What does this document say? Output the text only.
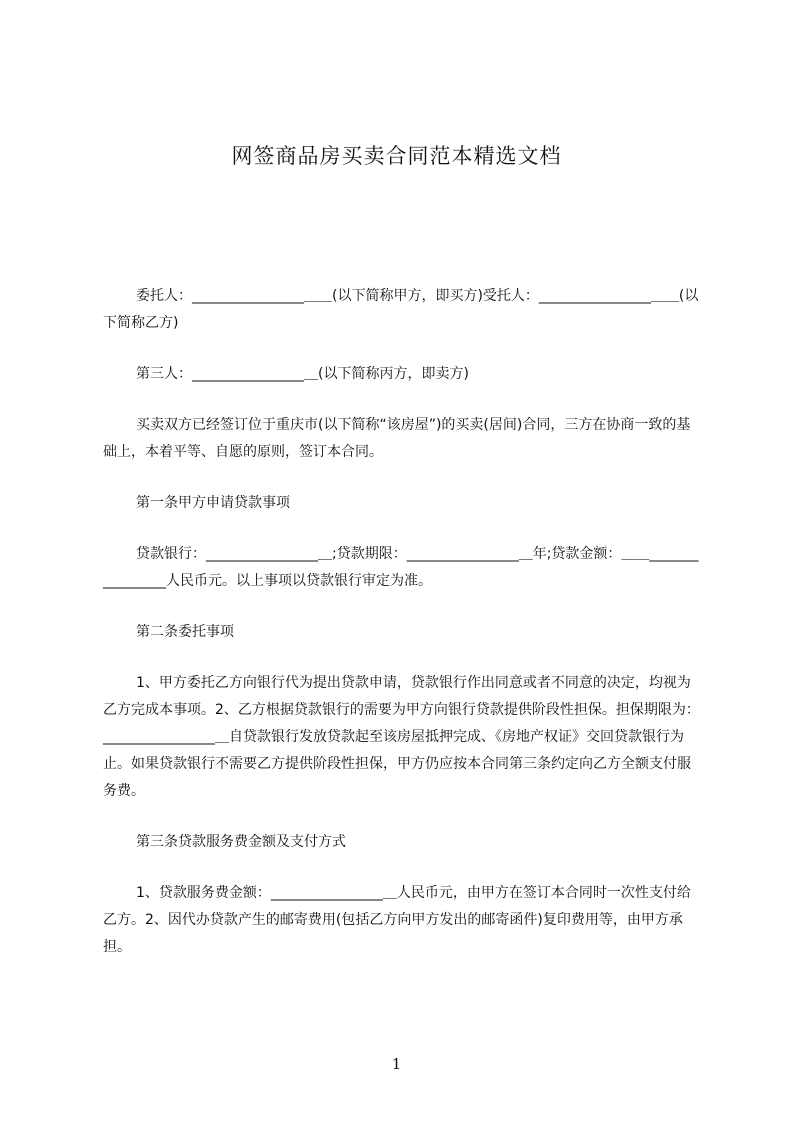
网签商品房买卖合同范本精选文档

委托人：________________＿＿(以下简称甲方，即买方)受托人：________________＿＿(以下简称乙方)

第三人：________________＿(以下简称丙方，即卖方)

买卖双方已经签订位于重庆市(以下简称“该房屋”)的买卖(居间)合同，三方在协商一致的基础上，本着平等、自愿的原则，签订本合同。

第一条甲方申请贷款事项

贷款银行：________________＿;贷款期限：________________＿年;贷款金额：＿＿________________人民币元。以上事项以贷款银行审定为准。

第二条委托事项

1、甲方委托乙方向银行代为提出贷款申请，贷款银行作出同意或者不同意的决定，均视为乙方完成本事项。2、乙方根据贷款银行的需要为甲方向银行贷款提供阶段性担保。担保期限为：________________＿自贷款银行发放贷款起至该房屋抵押完成、《房地产权证》交回贷款银行为止。如果贷款银行不需要乙方提供阶段性担保，甲方仍应按本合同第三条约定向乙方全额支付服务费。

第三条贷款服务费金额及支付方式

1、贷款服务费金额：________________＿人民币元，由甲方在签订本合同时一次性支付给乙方。2、因代办贷款产生的邮寄费用(包括乙方向甲方发出的邮寄函件)复印费用等，由甲方承担。

1
